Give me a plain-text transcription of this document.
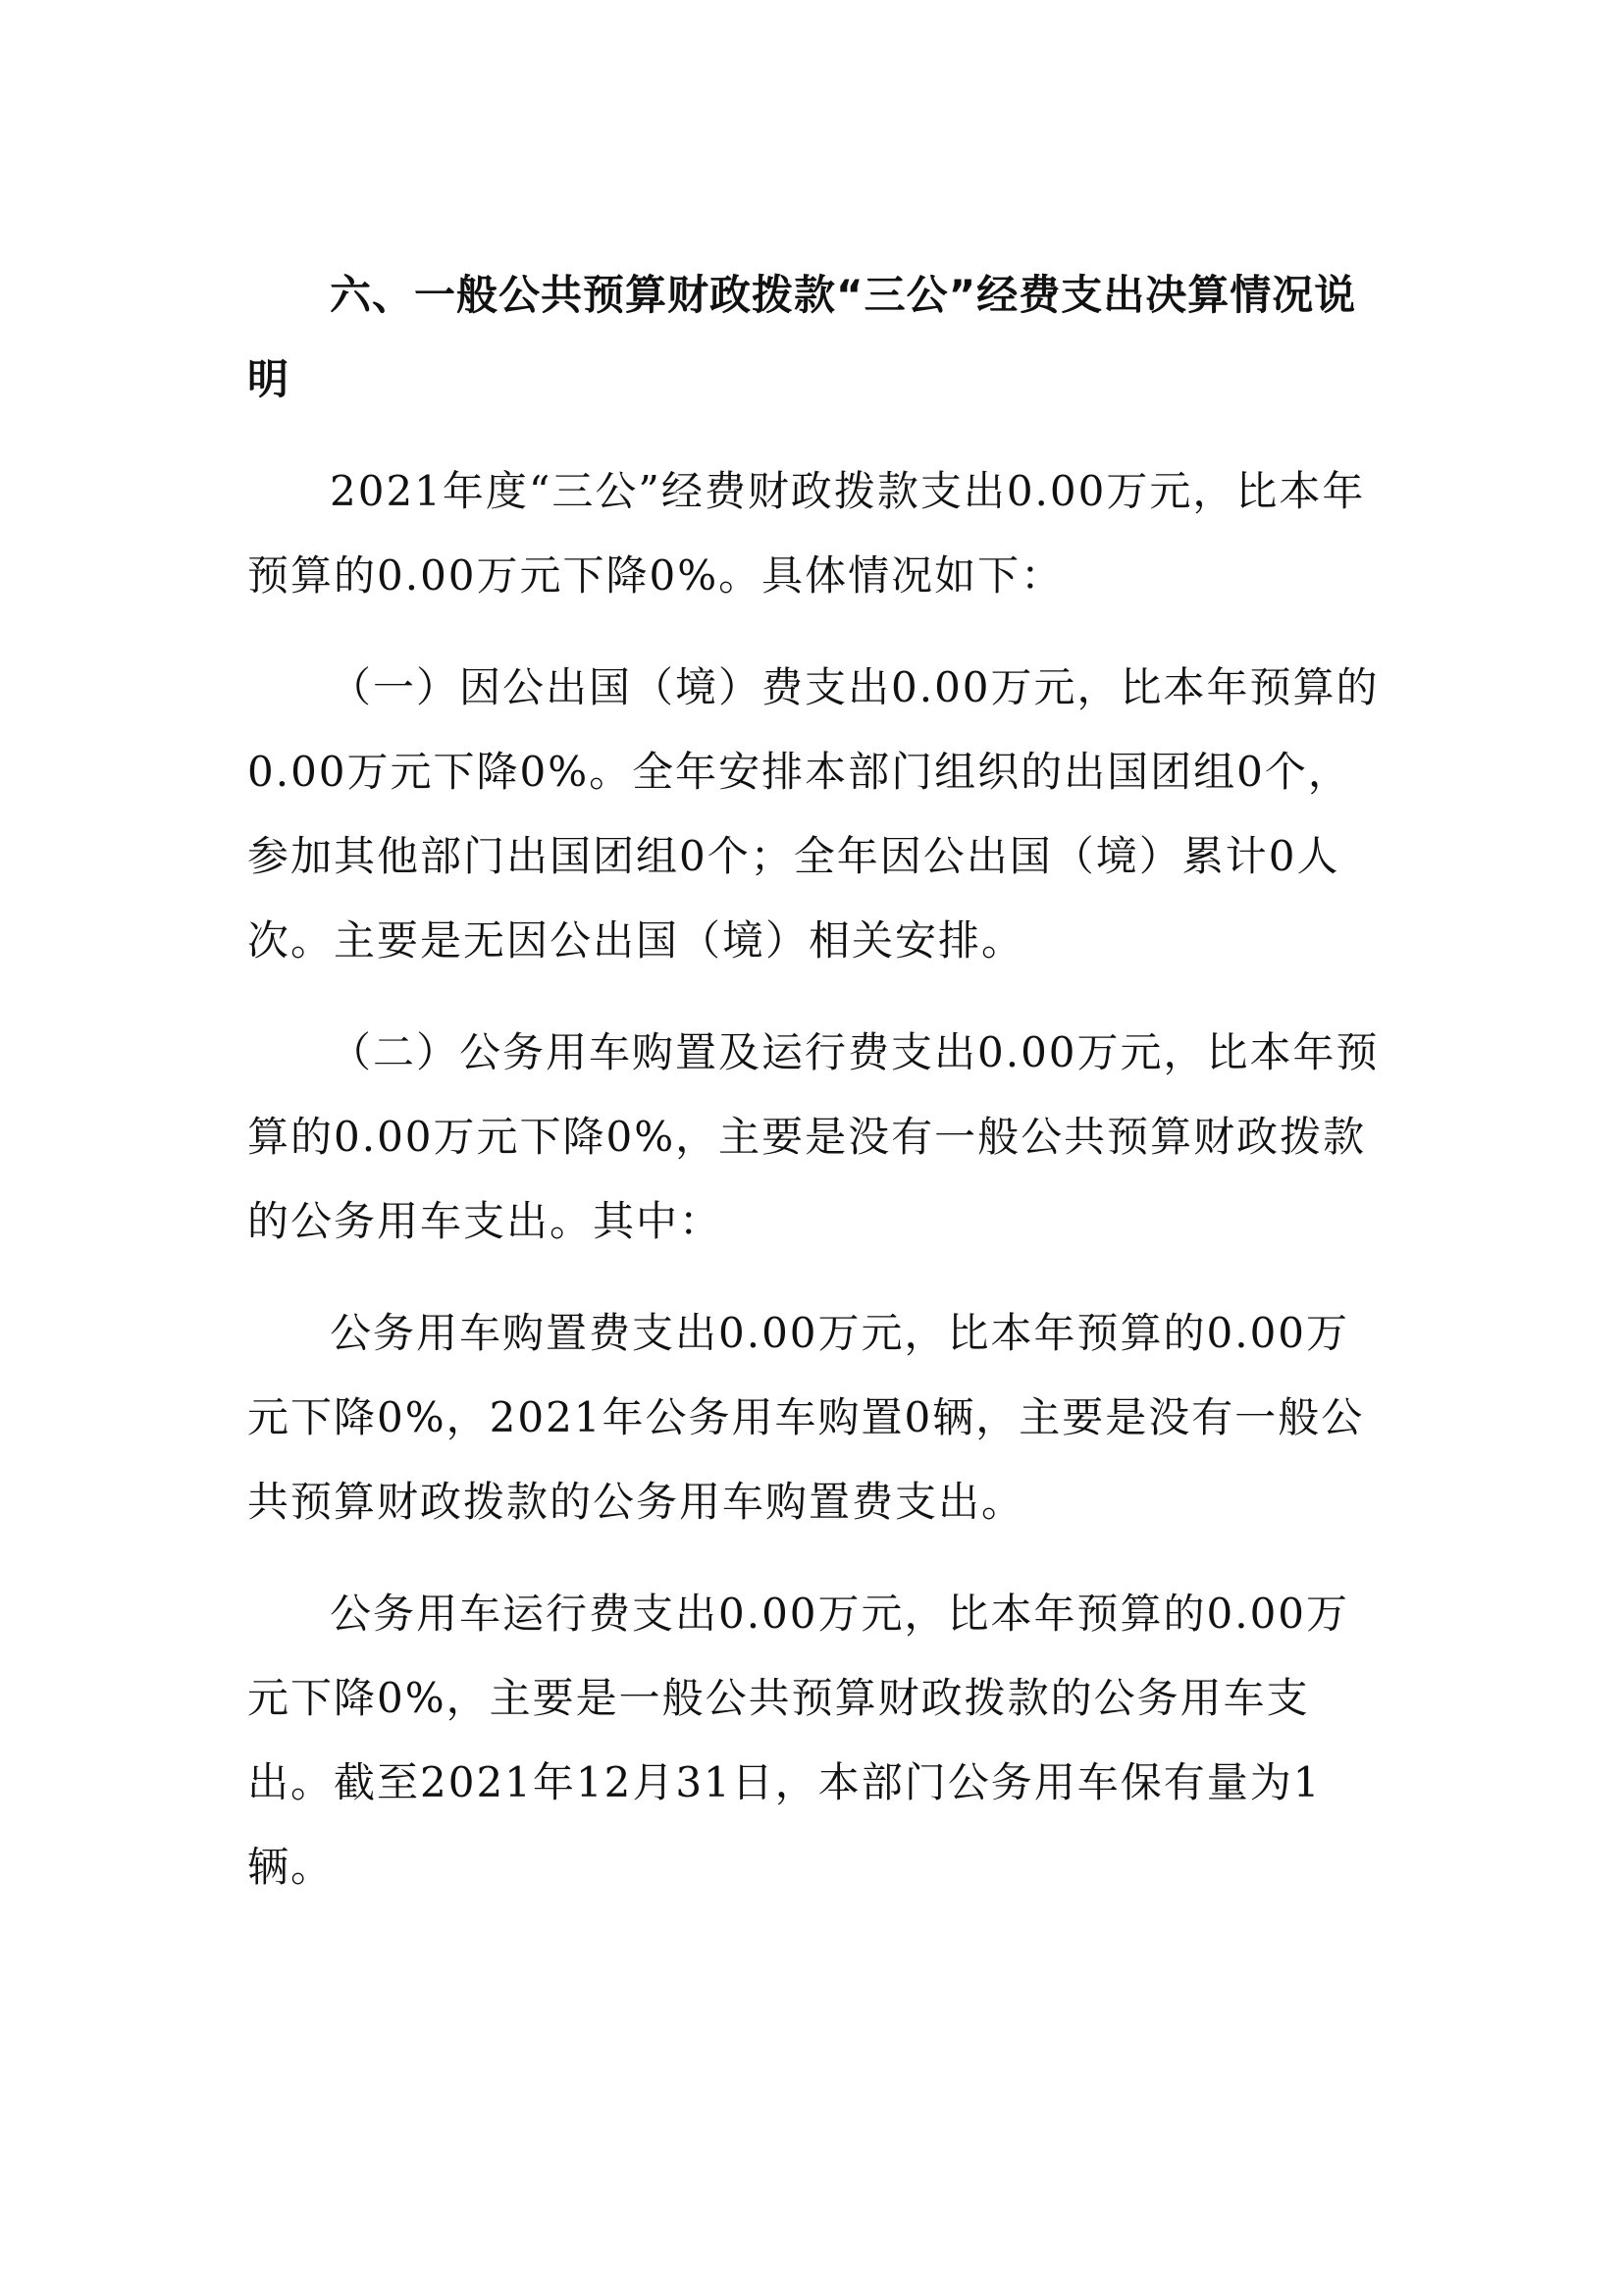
六、一般公共预算财政拨款“三公”经费支出决算情况说明

2021年度“三公”经费财政拨款支出0.00万元，比本年预算的0.00万元下降0%。具体情况如下：

（一）因公出国（境）费支出0.00万元，比本年预算的0.00万元下降0%。全年安排本部门组织的出国团组0个，参加其他部门出国团组0个；全年因公出国（境）累计0人次。主要是无因公出国（境）相关安排。

（二）公务用车购置及运行费支出0.00万元，比本年预算的0.00万元下降0%，主要是没有一般公共预算财政拨款的公务用车支出。其中：

公务用车购置费支出0.00万元，比本年预算的0.00万元下降0%，2021年公务用车购置0辆，主要是没有一般公共预算财政拨款的公务用车购置费支出。

公务用车运行费支出0.00万元，比本年预算的0.00万元下降0%，主要是一般公共预算财政拨款的公务用车支出。截至2021年12月31日，本部门公务用车保有量为1辆。
